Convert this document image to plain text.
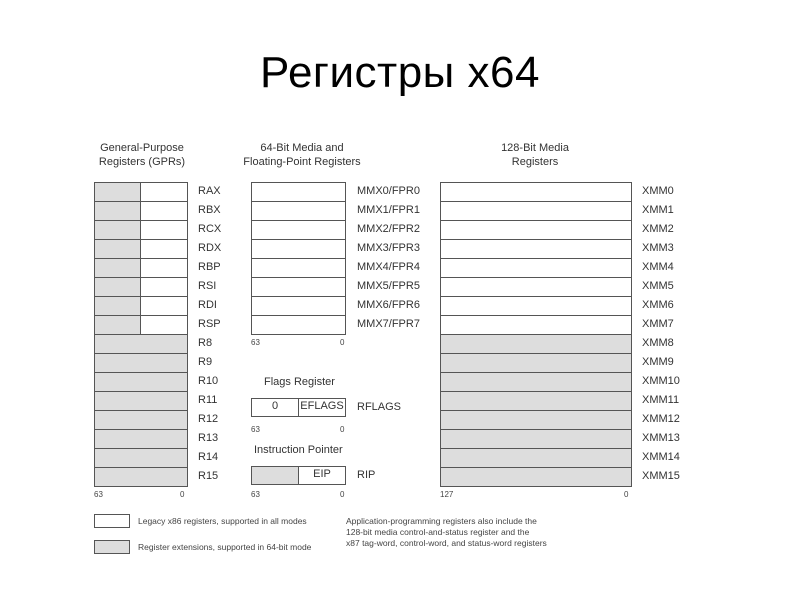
Регистры x64
General-Purpose
Registers (GPRs)
RAX
RBX
RCX
RDX
RBP
RSI
RDI
RSP
R8
R9
R10
R11
R12
R13
R14
R15
63	0
64-Bit Media and
Floating-Point Registers
MMX0/FPR0
MMX1/FPR1
MMX2/FPR2
MMX3/FPR3
MMX4/FPR4
MMX5/FPR5
MMX6/FPR6
MMX7/FPR7
63	0
Flags Register
0	EFLAGS RFLAGS
63	0
Instruction Pointer
EIP	RIP
63	0
128-Bit Media
Registers
XMM0
XMM1
XMM2
XMM3
XMM4
XMM5
XMM6
XMM7
XMM8
XMM9
XMM10
XMM11
XMM12
XMM13
XMM14
XMM15
127	0
Legacy x86 registers, supported in all modes
Register extensions, supported in 64-bit mode
Application-programming registers also include the
128-bit media control-and-status register and the
x87 tag-word, control-word, and status-word registers
